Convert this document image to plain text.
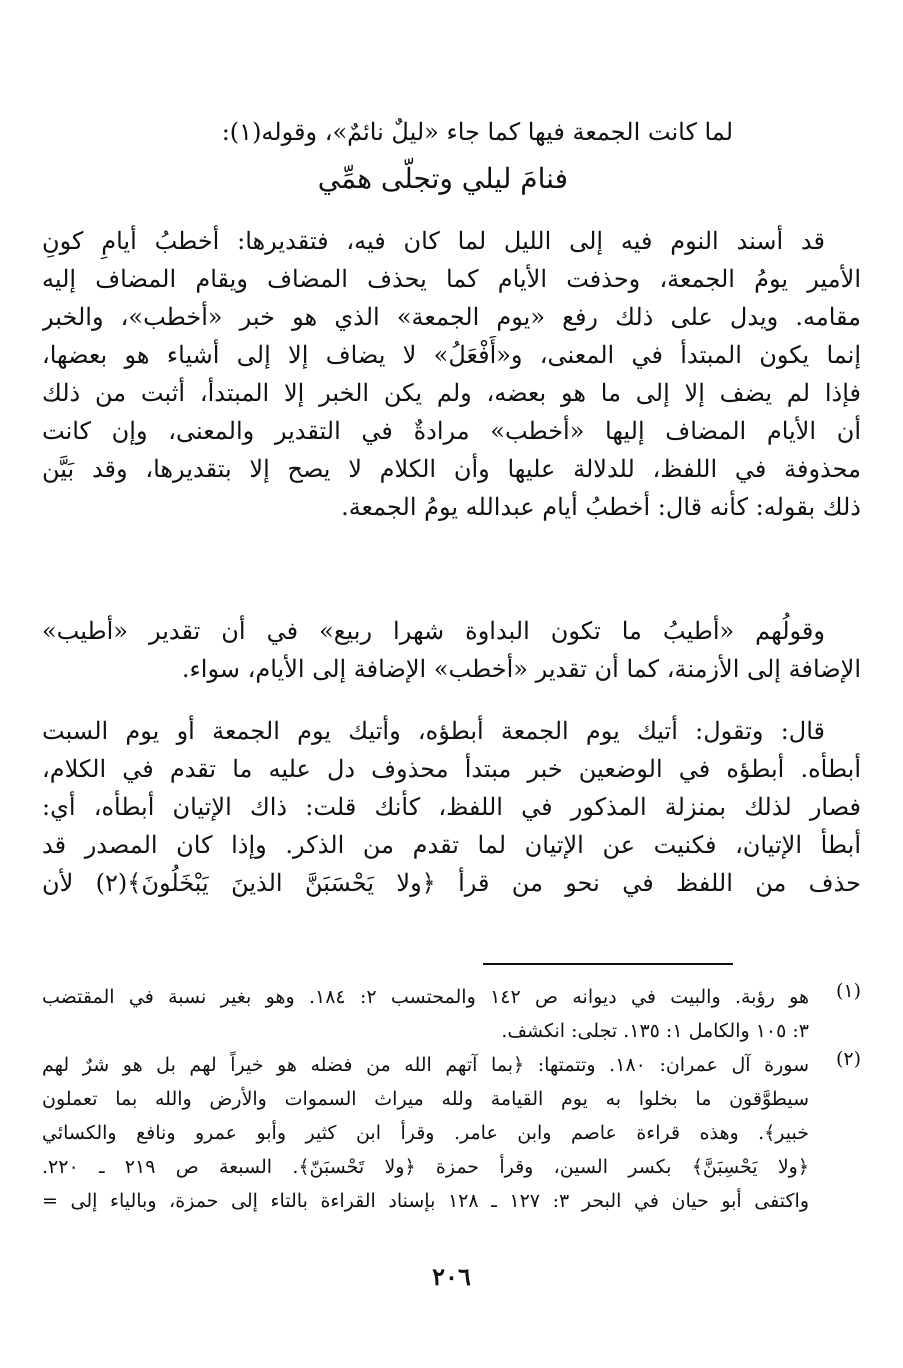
لما كانت الجمعة فيها كما جاء «ليلٌ نائمٌ»، وقوله(١):
فنامَ ليلي وتجلّى همِّي
قد أسند النوم فيه إلى الليل لما كان فيه، فتقديرها: أخطبُ أيامِ كونِ
الأمير يومُ الجمعة، وحذفت الأيام كما يحذف المضاف ويقام المضاف إليه
مقامه. ويدل على ذلك رفع «يوم الجمعة» الذي هو خبر «أخطب»، والخبر
إنما يكون المبتدأ في المعنى، و«أَفْعَلُ» لا يضاف إلا إلى أشياء هو بعضها،
فإذا لم يضف إلا إلى ما هو بعضه، ولم يكن الخبر إلا المبتدأ، أثبت من ذلك
أن الأيام المضاف إليها «أخطب» مرادةٌ في التقدير والمعنى، وإن كانت
محذوفة في اللفظ، للدلالة عليها وأن الكلام لا يصح إلا بتقديرها، وقد بَيَّن
ذلك بقوله: كأنه قال: أخطبُ أيام عبدالله يومُ الجمعة.
وقولُهم «أطيبُ ما تكون البداوة شهرا ربيع» في أن تقدير «أطيب»
الإضافة إلى الأزمنة، كما أن تقدير «أخطب» الإضافة إلى الأيام، سواء.
قال: وتقول: أتيك يوم الجمعة أبطؤه، وأتيك يوم الجمعة أو يوم السبت
أبطأه. أبطؤه في الوضعين خبر مبتدأ محذوف دل عليه ما تقدم في الكلام،
فصار لذلك بمنزلة المذكور في اللفظ، كأنك قلت: ذاك الإتيان أبطأه، أي:
أبطأ الإتيان، فكنيت عن الإتيان لما تقدم من الذكر. وإذا كان المصدر قد
حذف من اللفظ في نحو من قرأ ﴿ولا يَحْسَبَنَّ الذينَ يَبْخَلُونَ﴾(٢) لأن
(١)
هو رؤبة. والبيت في ديوانه ص ١٤٢ والمحتسب ٢: ١٨٤. وهو بغير نسبة في المقتضب
٣: ١٠٥ والكامل ١: ١٣٥. تجلى: انكشف.
(٢)
سورة آل عمران: ١٨٠. وتتمتها: ﴿بما آتهم الله من فضله هو خيراً لهم بل هو شرٌ لهم
سيطوَّقون ما بخلوا به يوم القيامة ولله ميراث السموات والأرض والله بما تعملون
خبير﴾. وهذه قراءة عاصم وابن عامر. وقرأ ابن كثير وأبو عمرو ونافع والكسائي
﴿ولا يَحْسِبَنَّ﴾ بكسر السين، وقرأ حمزة ﴿ولا تَحْسبَنّ﴾. السبعة ص ٢١٩ ـ ٢٢٠.
واكتفى أبو حيان في البحر ٣: ١٢٧ ـ ١٢٨ بإسناد القراءة بالتاء إلى حمزة، وبالياء إلى =
٢٠٦
